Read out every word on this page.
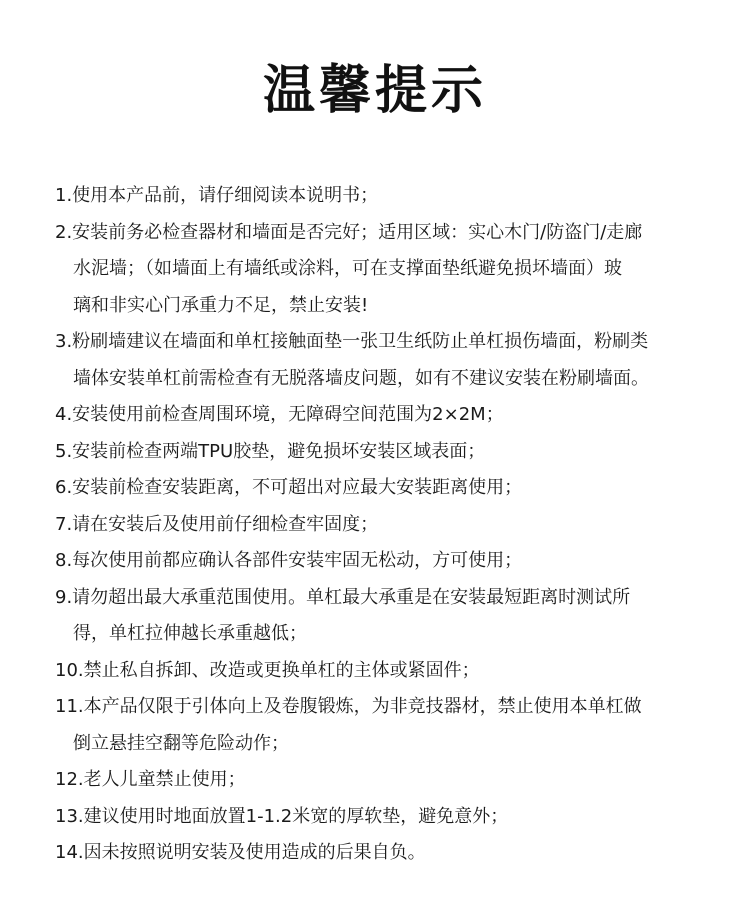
温馨提示
1.使用本产品前，请仔细阅读本说明书；
2.安装前务必检查器材和墙面是否完好；适用区域：实心木门/防盗门/走廊
水泥墙；（如墙面上有墙纸或涂料，可在支撑面垫纸避免损坏墙面）玻
璃和非实心门承重力不足，禁止安装!
3.粉刷墙建议在墙面和单杠接触面垫一张卫生纸防止单杠损伤墙面，粉刷类
墙体安装单杠前需检查有无脱落墙皮问题，如有不建议安装在粉刷墙面。
4.安装使用前检查周围环境，无障碍空间范围为2×2M；
5.安装前检查两端TPU胶垫，避免损坏安装区域表面；
6.安装前检查安装距离，不可超出对应最大安装距离使用；
7.请在安装后及使用前仔细检查牢固度；
8.每次使用前都应确认各部件安装牢固无松动，方可使用；
9.请勿超出最大承重范围使用。单杠最大承重是在安装最短距离时测试所
得，单杠拉伸越长承重越低；
10.禁止私自拆卸、改造或更换单杠的主体或紧固件；
11.本产品仅限于引体向上及卷腹锻炼，为非竞技器材，禁止使用本单杠做
倒立悬挂空翻等危险动作；
12.老人儿童禁止使用；
13.建议使用时地面放置1-1.2米宽的厚软垫，避免意外；
14.因未按照说明安装及使用造成的后果自负。
